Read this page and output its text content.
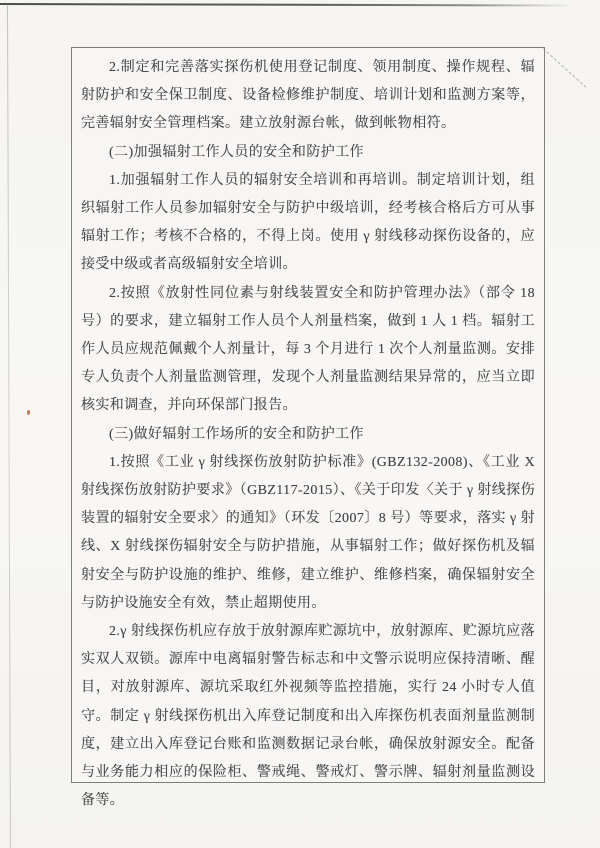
2.制定和完善落实探伤机使用登记制度、领用制度、操作规程、辐射防护和安全保卫制度、设备检修维护制度、培训计划和监测方案等，完善辐射安全管理档案。建立放射源台帐，做到帐物相符。

(二)加强辐射工作人员的安全和防护工作

1.加强辐射工作人员的辐射安全培训和再培训。制定培训计划，组织辐射工作人员参加辐射安全与防护中级培训，经考核合格后方可从事辐射工作；考核不合格的，不得上岗。使用 γ 射线移动探伤设备的，应接受中级或者高级辐射安全培训。

2.按照《放射性同位素与射线装置安全和防护管理办法》（部令 18 号）的要求，建立辐射工作人员个人剂量档案，做到 1 人 1 档。辐射工作人员应规范佩戴个人剂量计，每 3 个月进行 1 次个人剂量监测。安排专人负责个人剂量监测管理，发现个人剂量监测结果异常的，应当立即核实和调查，并向环保部门报告。

(三)做好辐射工作场所的安全和防护工作

1.按照《工业 γ 射线探伤放射防护标准》(GBZ132-2008)、《工业 X 射线探伤放射防护要求》（GBZ117-2015）、《关于印发〈关于 γ 射线探伤装置的辐射安全要求〉的通知》（环发〔2007〕8 号）等要求，落实 γ 射线、X 射线探伤辐射安全与防护措施，从事辐射工作；做好探伤机及辐射安全与防护设施的维护、维修，建立维护、维修档案，确保辐射安全与防护设施安全有效，禁止超期使用。

2.γ 射线探伤机应存放于放射源库贮源坑中，放射源库、贮源坑应落实双人双锁。源库中电离辐射警告标志和中文警示说明应保持清晰、醒目，对放射源库、源坑采取红外视频等监控措施，实行 24 小时专人值守。制定 γ 射线探伤机出入库登记制度和出入库探伤机表面剂量监测制度，建立出入库登记台账和监测数据记录台帐，确保放射源安全。配备与业务能力相应的保险柜、警戒绳、警戒灯、警示牌、辐射剂量监测设备等。
